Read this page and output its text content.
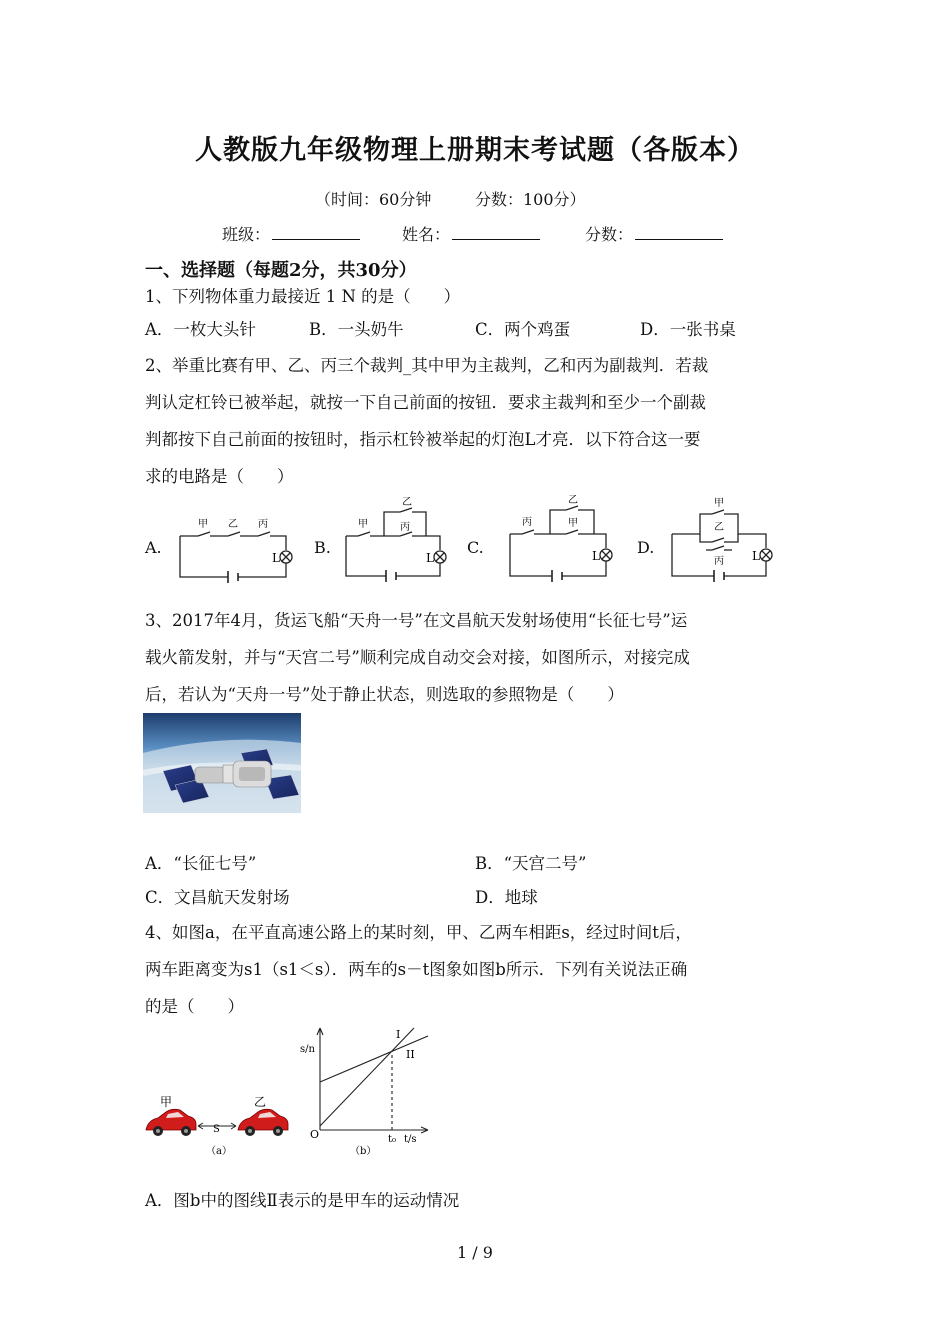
人教版九年级物理上册期末考试题（各版本）
（时间：60分钟	分数：100分）
班级：	姓名：	分数：
一、选择题（每题2分，共30分）
1、下列物体重力最接近 1 N 的是（　　）
A．一枚大头针	B．一头奶牛	C．两个鸡蛋	D．一张书桌
2、举重比赛有甲、乙、丙三个裁判_其中甲为主裁判，乙和丙为副裁判．若裁
判认定杠铃已被举起，就按一下自己前面的按钮．要求主裁判和至少一个副裁
判都按下自己前面的按钮时，指示杠铃被举起的灯泡L才亮．以下符合这一要
求的电路是（　　）
A.	B.	C.	D.
甲 乙 丙
L
甲
乙
丙
L
丙
乙
甲
L
甲
乙
丙 L
3、2017年4月，货运飞船“天舟一号”在文昌航天发射场使用“长征七号”运
载火箭发射，并与“天宫二号”顺利完成自动交会对接，如图所示，对接完成
后，若认为“天舟一号”处于静止状态，则选取的参照物是（　　）
A．“长征七号”	B．“天宫二号”
C．文昌航天发射场	D．地球
4、如图a，在平直高速公路上的某时刻，甲、乙两车相距s，经过时间t后，
两车距离变为s1（s1＜s）．两车的s－t图象如图b所示．下列有关说法正确
的是（　　）
甲	乙
S
（a）
s/n
t/s
O	t₀
I
II
（b）
A．图b中的图线Ⅱ表示的是甲车的运动情况
1 / 9
